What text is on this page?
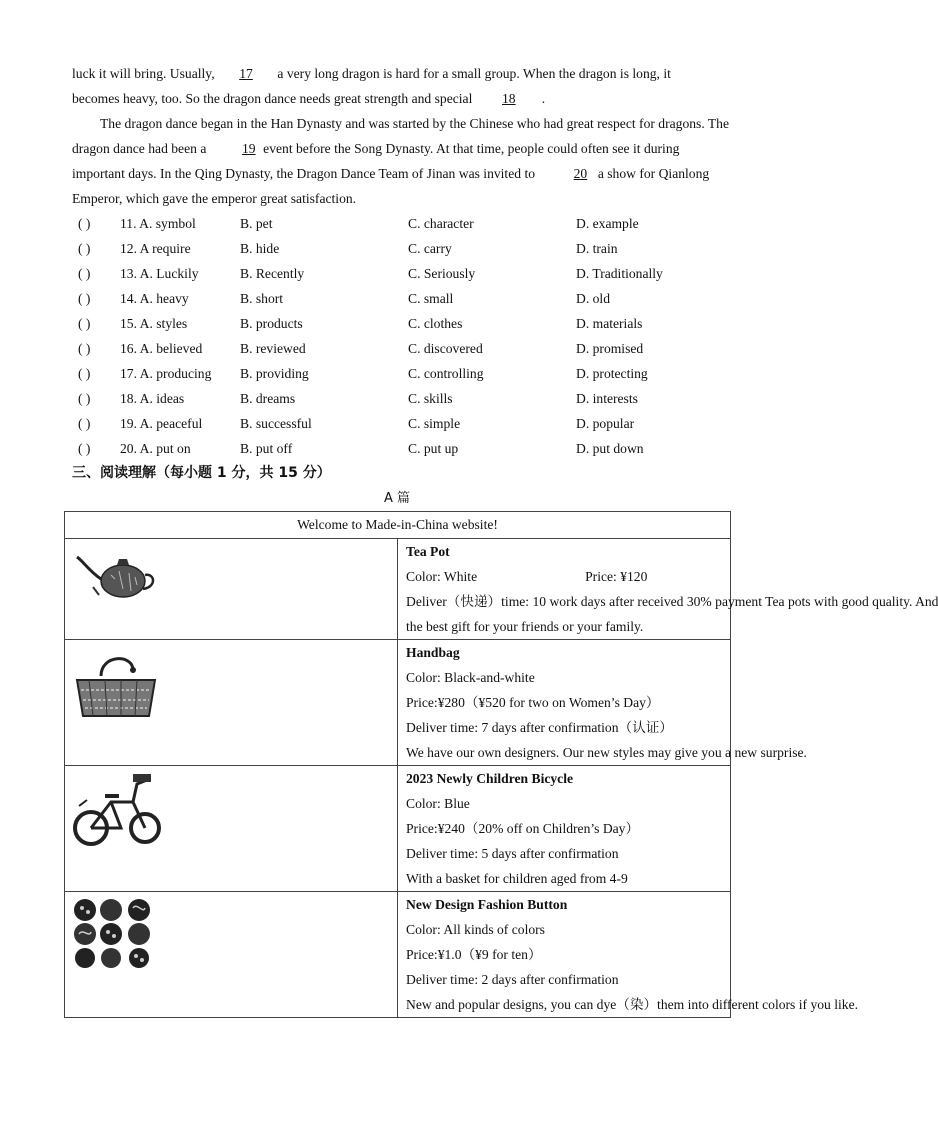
luck it will bring. Usually, 17 a very long dragon is hard for a small group. When the dragon is long, it

becomes heavy, too. So the dragon dance needs great strength and special 18 .

The dragon dance began in the Han Dynasty and was started by the Chinese who had great respect for dragons. The dragon dance had been a 19 event before the Song Dynasty. At that time, people could often see it during important days. In the Qing Dynasty, the Dragon Dance Team of Jinan was invited to	20 a show for Qianlong Emperor, which gave the emperor great satisfaction.

( ) 11. A. symbol	B. pet	C. character	D. example
( ) 12. A require	B. hide	C. carry	D. train
( ) 13. A. Luckily	B. Recently	C. Seriously	D. Traditionally
( ) 14. A. heavy	B. short	C. small	D. old
( ) 15. A. styles	B. products	C. clothes	D. materials
( ) 16. A. believed	B. reviewed	C. discovered	D. promised
( ) 17. A. producing B. providing	C. controlling	D. protecting
( ) 18. A. ideas	B. dreams	C. skills	D. interests
( ) 19. A. peaceful	B. successful	C. simple	D. popular
( ) 20. A. put on	B. put off	C. put up	D. put down
三、阅读理解（每小题 1 分，共 15 分）
A 篇
Welcome to Made-in-China website!	

Tea Pot
Color: White Price: ¥120
Deliver（快递）time: 10 work days after received 30% payment Tea pots with good quality. And
the best gift for your friends or your family.

Handbag
Color: Black-and-white
Price:¥280（¥520 for two on Women’s Day）
Deliver time: 7 days after confirmation（认证）
We have our own designers. Our new styles may give you a new surprise.

2023 Newly Children Bicycle
Color: Blue
Price:¥240（20% off on Children’s Day）
Deliver time: 5 days after confirmation
With a basket for children aged from 4-9

New Design Fashion Button
Color: All kinds of colors
Price:¥1.0（¥9 for ten）
Deliver time: 2 days after confirmation
New and popular designs, you can dye（染）them into different colors if you like.
